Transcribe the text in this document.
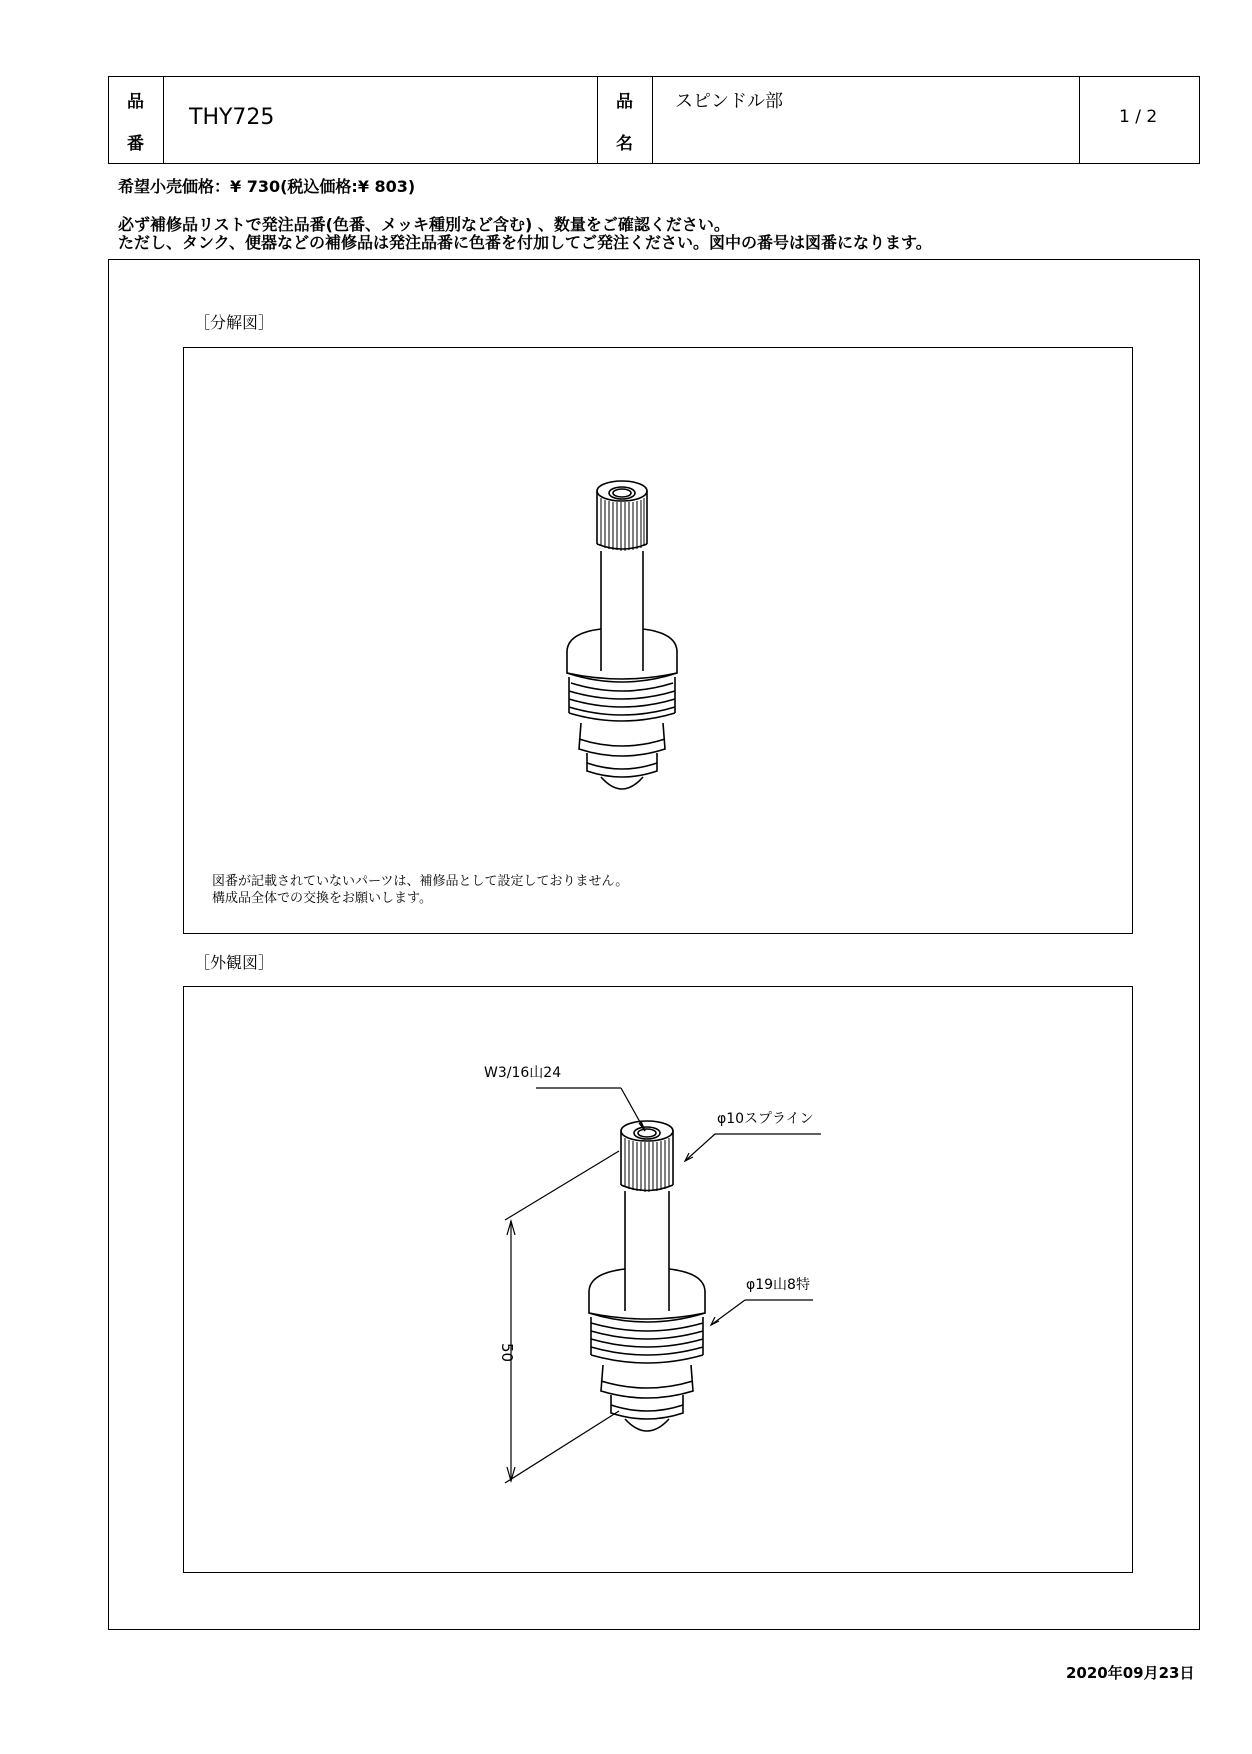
品
番
THY725
品
名
スピンドル部
1 / 2
希望小売価格：¥ 730(税込価格:¥ 803)
必ず補修品リストで発注品番(色番、メッキ種別など含む) 、数量をご確認ください。
ただし、タンク、便器などの補修品は発注品番に色番を付加してご発注ください。図中の番号は図番になります。
［分解図］
図番が記載されていないパーツは、補修品として設定しておりません。
構成品全体での交換をお願いします。
［外観図］
W3/16山24
φ10スプライン
φ19山8特
50
2020年09月23日
